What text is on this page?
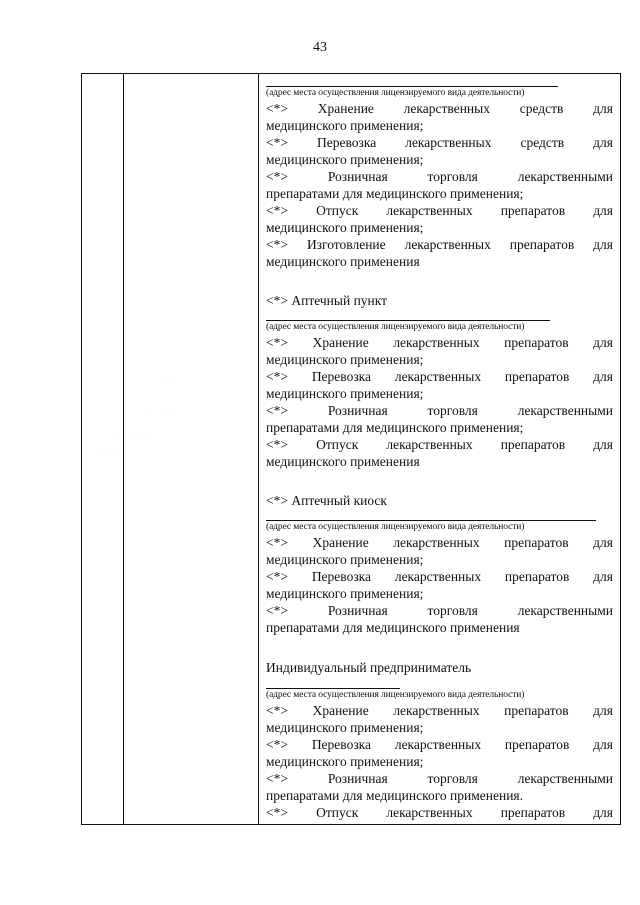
43
(адрес места осуществления лицензируемого вида деятельности)
<*> Хранение лекарственных средств для
медицинского применения;
<*> Перевозка лекарственных средств для
медицинского применения;
<*>	Розничная торговля лекарственными
препаратами для медицинского применения;
<*> Отпуск лекарственных препаратов для
медицинского применения;
<*> Изготовление лекарственных препаратов для
медицинского применения
<*> Аптечный пункт
(адрес места осуществления лицензируемого вида деятельности)
<*> Хранение лекарственных препаратов для
медицинского применения;
<*> Перевозка лекарственных препаратов для
медицинского применения;
<*>	Розничная торговля лекарственными
препаратами для медицинского применения;
<*> Отпуск лекарственных препаратов для
медицинского применения
<*> Аптечный киоск
(адрес места осуществления лицензируемого вида деятельности)
<*> Хранение лекарственных препаратов для
медицинского применения;
<*> Перевозка лекарственных препаратов для
медицинского применения;
<*>	Розничная торговля лекарственными
препаратами для медицинского применения
Индивидуальный предприниматель
(адрес места осуществления лицензируемого вида деятельности)
<*> Хранение лекарственных препаратов для
медицинского применения;
<*> Перевозка лекарственных препаратов для
медицинского применения;
<*>	Розничная торговля лекарственными
препаратами для медицинского применения.
<*> Отпуск лекарственных препаратов для
· ·
· · ·
· · · ·
· · ·
